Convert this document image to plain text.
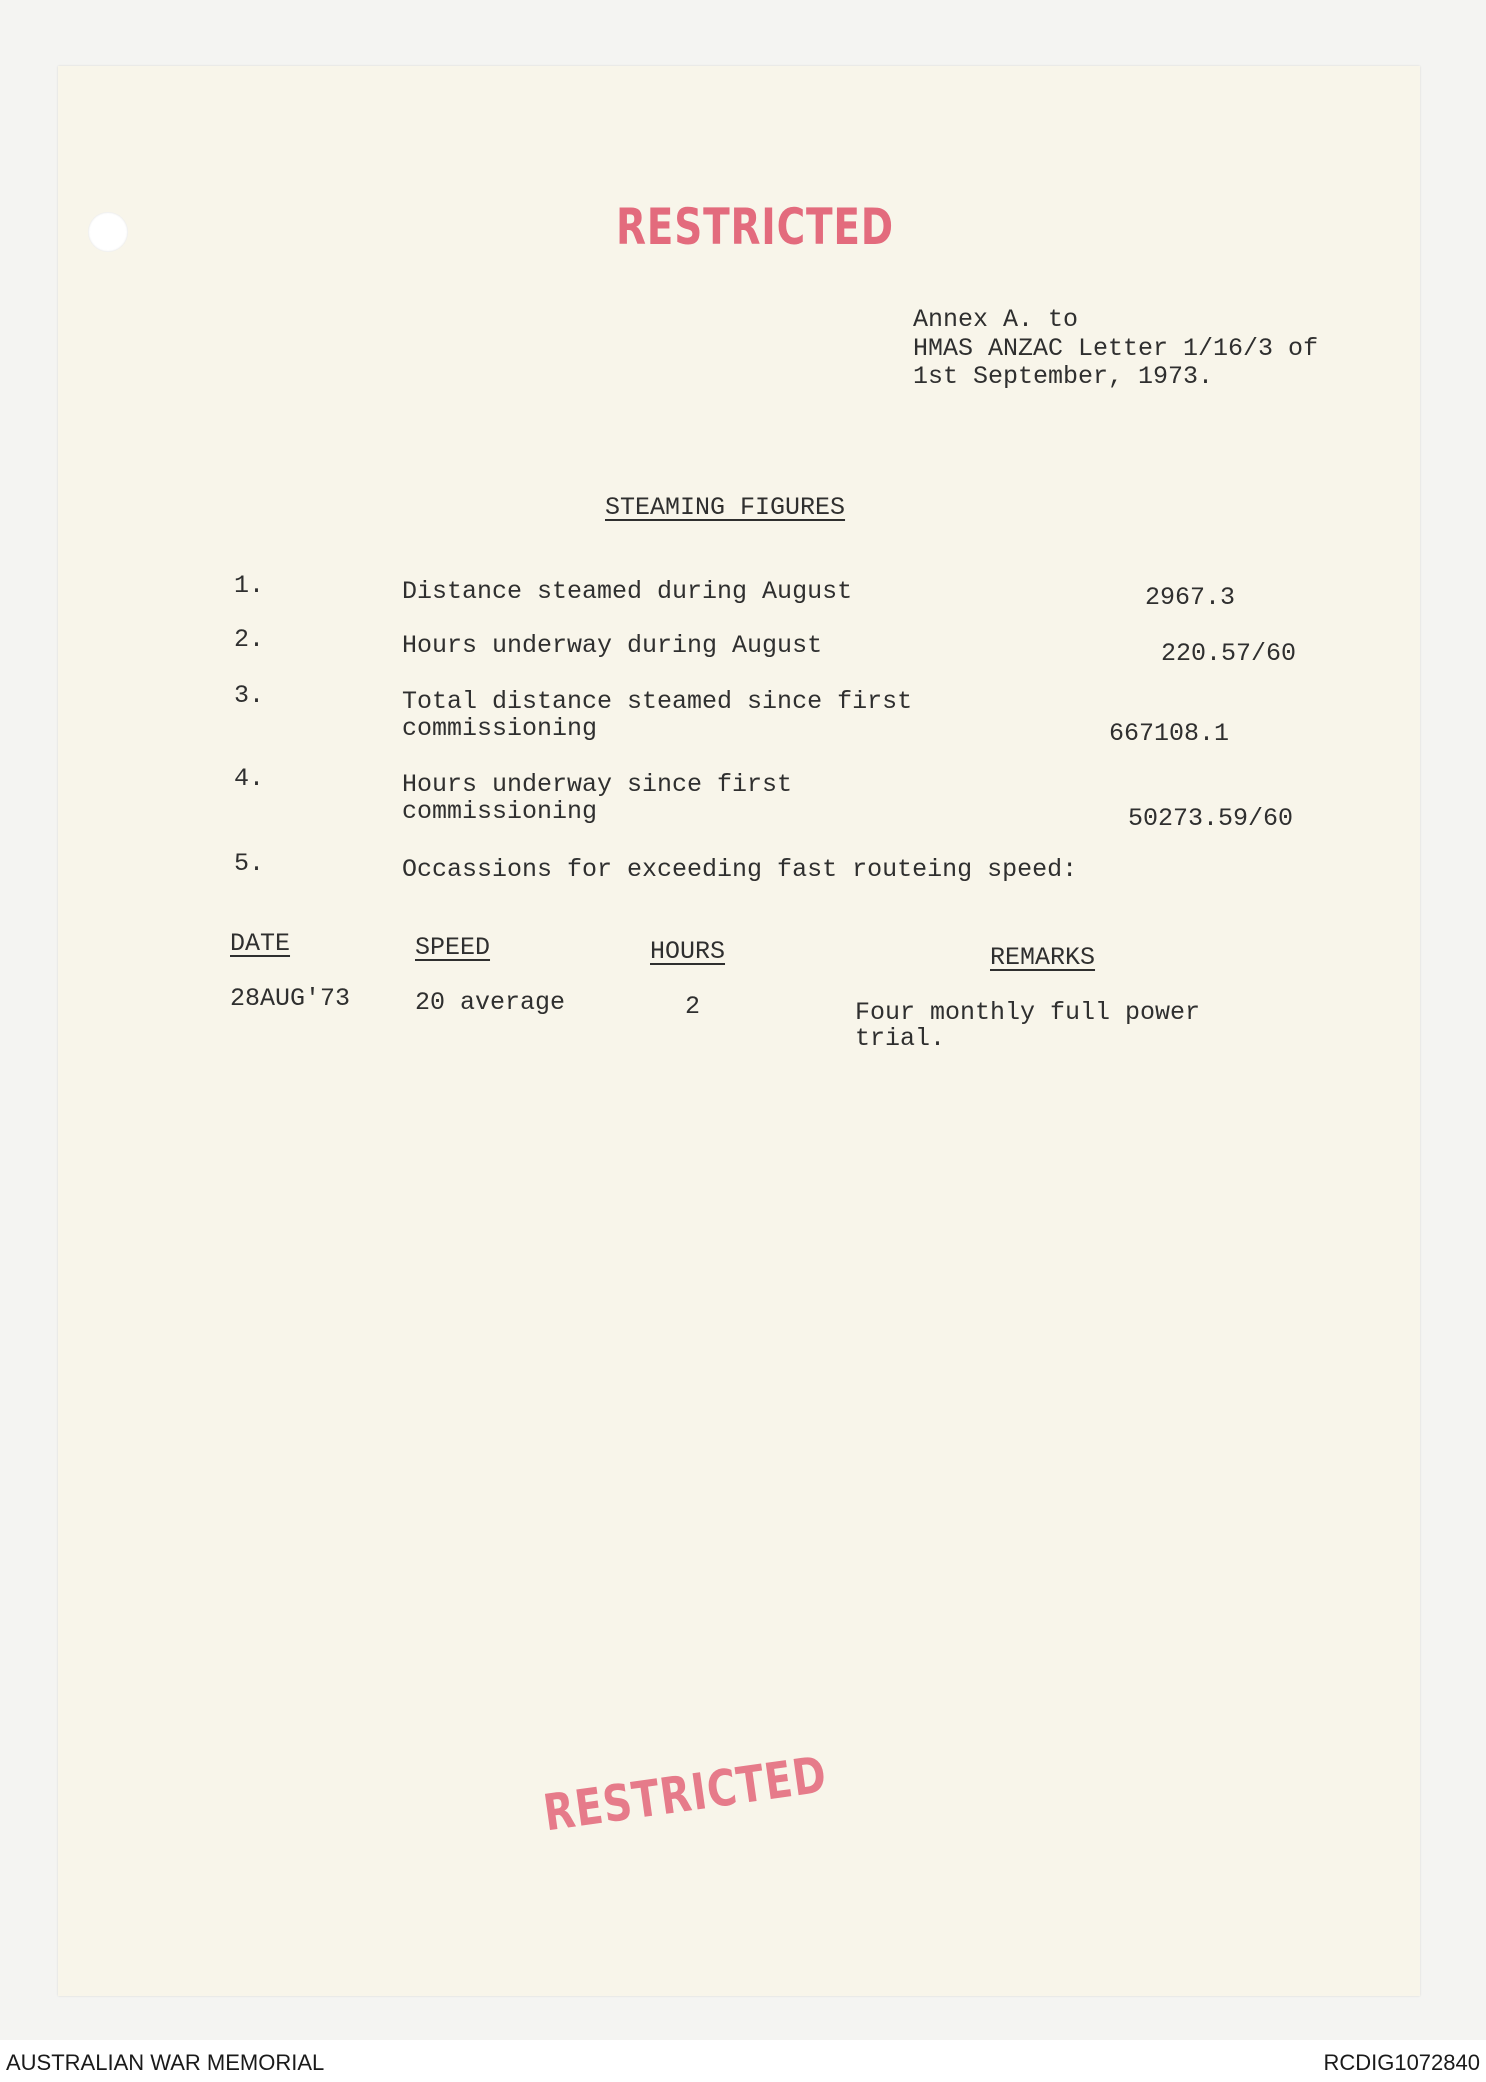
RESTRICTED
Annex A. to
HMAS ANZAC Letter 1/16/3 of
1st September, 1973.
STEAMING FIGURES
1.	Distance steamed during August	2967.3
2.	Hours underway during August	220.57/60
3.	Total distance steamed since first
commissioning	667108.1
4.	Hours underway since first
commissioning	50273.59/60
5.	Occassions for exceeding fast routeing speed:
DATE	SPEED	HOURS	REMARKS
28AUG'73	20 average	2	Four monthly full power
trial.
RESTRICTED
AUSTRALIAN WAR MEMORIAL	RCDIG1072840
